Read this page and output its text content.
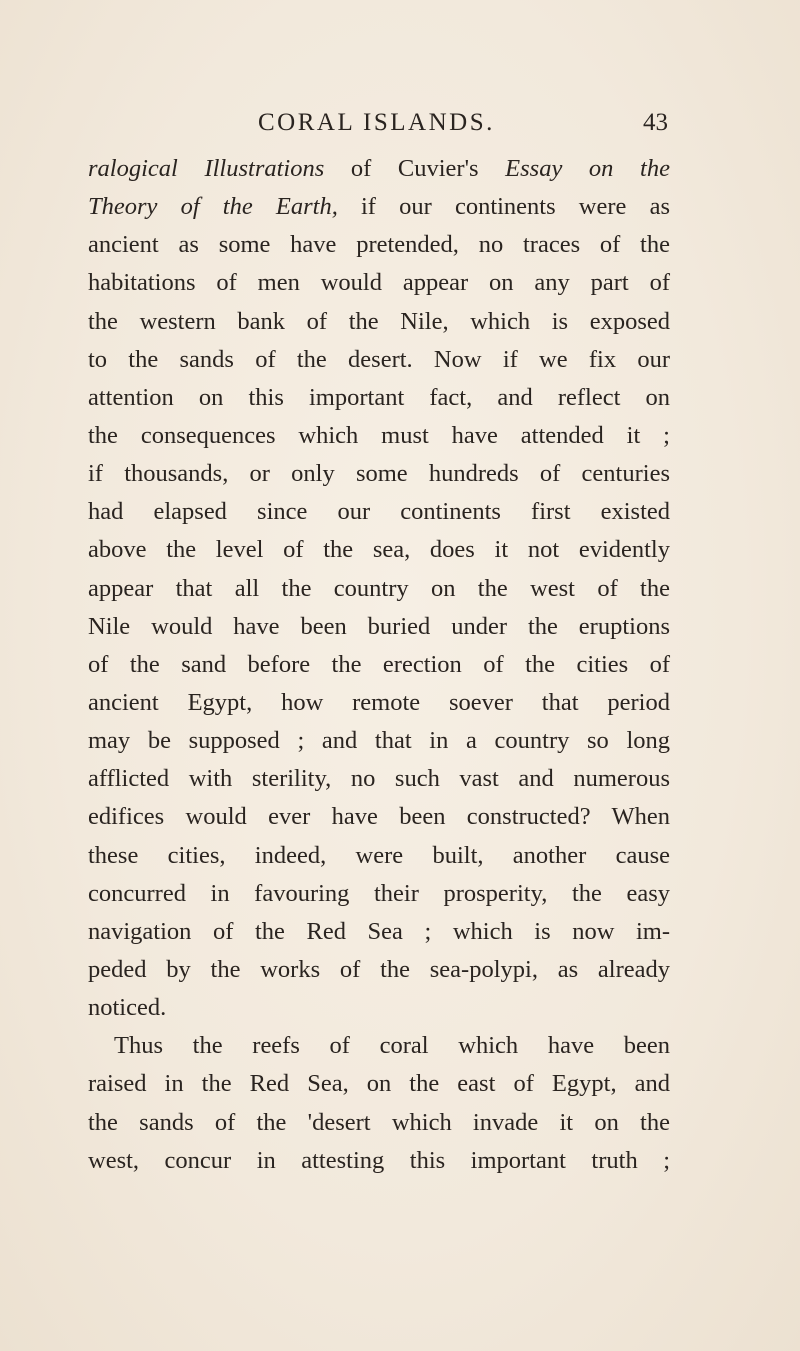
CORAL ISLANDS.	43
ralogical Illustrations of Cuvier's Essay on the
Theory of the Earth, if our continents were as
ancient as some have pretended, no traces of the
habitations of men would appear on any part of
the western bank of the Nile, which is exposed
to the sands of the desert. Now if we fix our
attention on this important fact, and reflect on
the consequences which must have attended it ;
if thousands, or only some hundreds of centuries
had elapsed since our continents first existed
above the level of the sea, does it not evidently
appear that all the country on the west of the
Nile would have been buried under the eruptions
of the sand before the erection of the cities of
ancient Egypt, how remote soever that period
may be supposed ; and that in a country so long
afflicted with sterility, no such vast and numerous
edifices would ever have been constructed? When
these cities, indeed, were built, another cause
concurred in favouring their prosperity, the easy
navigation of the Red Sea ; which is now im-
peded by the works of the sea-polypi, as already
noticed.
Thus the reefs of coral which have been
raised in the Red Sea, on the east of Egypt, and
the sands of the 'desert which invade it on the
west, concur in attesting this important truth ;
